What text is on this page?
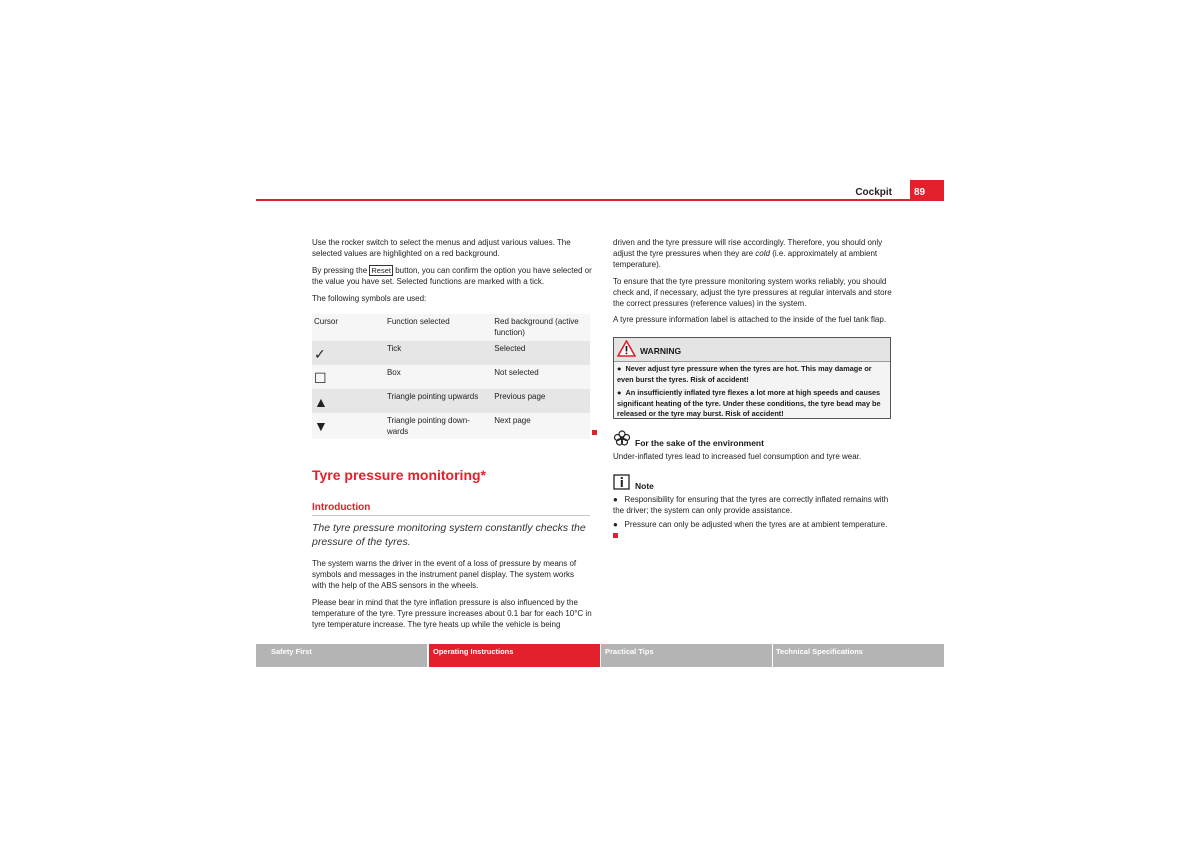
Cockpit	89
Use the rocker switch to select the menus and adjust various values. The selected values are highlighted on a red background.
By pressing the Reset button, you can confirm the option you have selected or the value you have set. Selected functions are marked with a tick.
The following symbols are used:
Cursor	Function selected	Red background (active function)

✓	Tick	Selected

☐	Box	Not selected

▲	Triangle pointing upwards	Previous page

▼	Triangle pointing down-wards	Next page
Tyre pressure monitoring*
Introduction
The tyre pressure monitoring system constantly checks the pressure of the tyres.
The system warns the driver in the event of a loss of pressure by means of symbols and messages in the instrument panel display. The system works with the help of the ABS sensors in the wheels.
Please bear in mind that the tyre inflation pressure is also influenced by the temperature of the tyre. Tyre pressure increases about 0.1 bar for each 10°C in tyre temperature increase. The tyre heats up while the vehicle is being
driven and the tyre pressure will rise accordingly. Therefore, you should only adjust the tyre pressures when they are cold (i.e. approximately at ambient temperature).
To ensure that the tyre pressure monitoring system works reliably, you should check and, if necessary, adjust the tyre pressures at regular intervals and store the correct pressures (reference values) in the system.
A tyre pressure information label is attached to the inside of the fuel tank flap.
WARNING
●  Never adjust tyre pressure when the tyres are hot. This may damage or even burst the tyres. Risk of accident!
●  An insufficiently inflated tyre flexes a lot more at high speeds and causes significant heating of the tyre. Under these conditions, the tyre bead may be released or the tyre may burst. Risk of accident!
For the sake of the environment
Under-inflated tyres lead to increased fuel consumption and tyre wear.
Note
●   Responsibility for ensuring that the tyres are correctly inflated remains with the driver; the system can only provide assistance.
●   Pressure can only be adjusted when the tyres are at ambient temperature.
Safety First	Operating Instructions	Practical Tips	Technical Specifications
